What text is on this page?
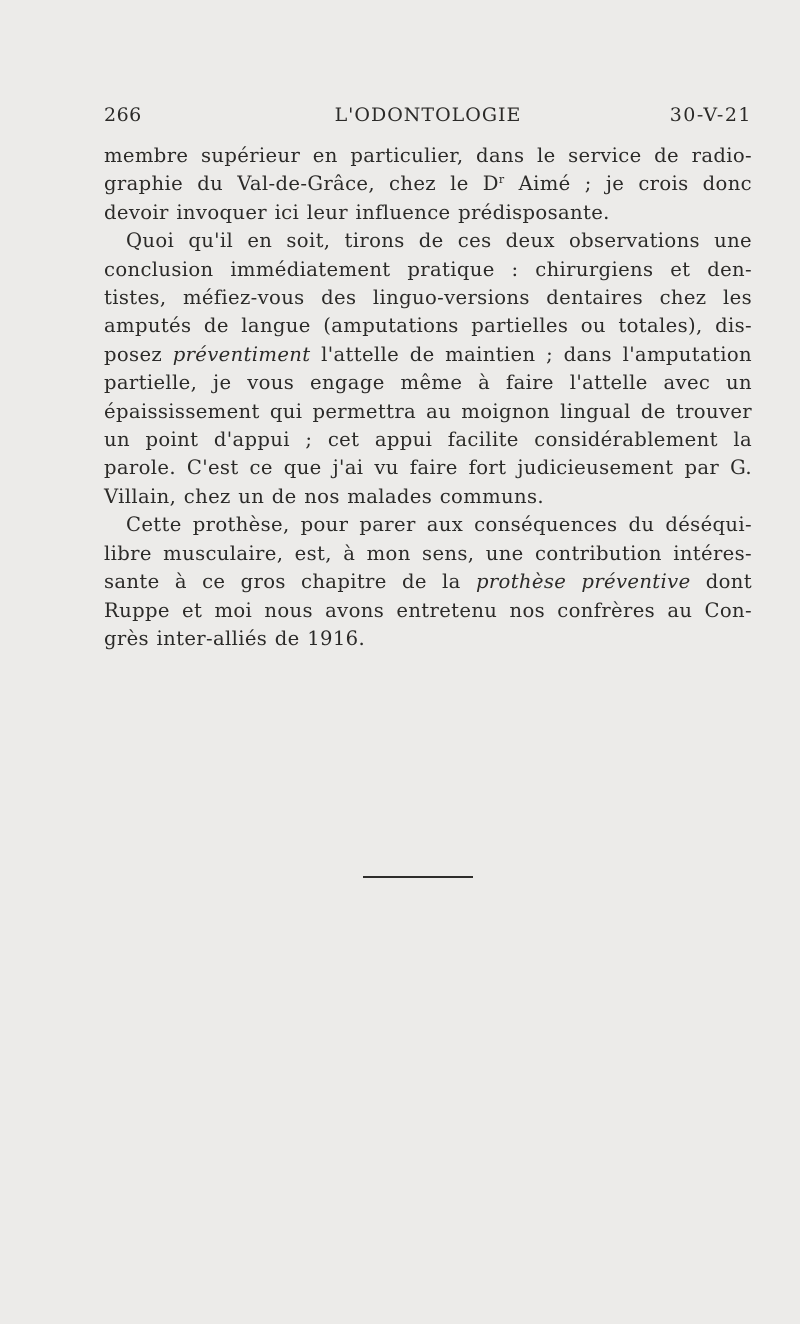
266	L'ODONTOLOGIE	30-V-21

membre supérieur en particulier, dans le service de radio-graphie du Val-de-Grâce, chez le $D^r$ Aimé ; je crois donc devoir invoquer ici leur influence prédisposante.

Quoi qu'il en soit, tirons de ces deux observations une conclusion immédiatement pratique : chirurgiens et den-tistes, méfiez-vous des linguo-versions dentaires chez les amputés de langue (amputations partielles ou totales), dis-posez préventiment l'attelle de maintien ; dans l'amputation partielle, je vous engage même à faire l'attelle avec un épaississement qui permettra au moignon lingual de trouver un point d'appui ; cet appui facilite considérablement la parole. C'est ce que j'ai vu faire fort judicieusement par G. Villain, chez un de nos malades communs.

Cette prothèse, pour parer aux conséquences du déséqui-libre musculaire, est, à mon sens, une contribution intéres-sante à ce gros chapitre de la prothèse préventive dont Ruppe et moi nous avons entretenu nos confrères au Con-grès inter-alliés de 1916.
